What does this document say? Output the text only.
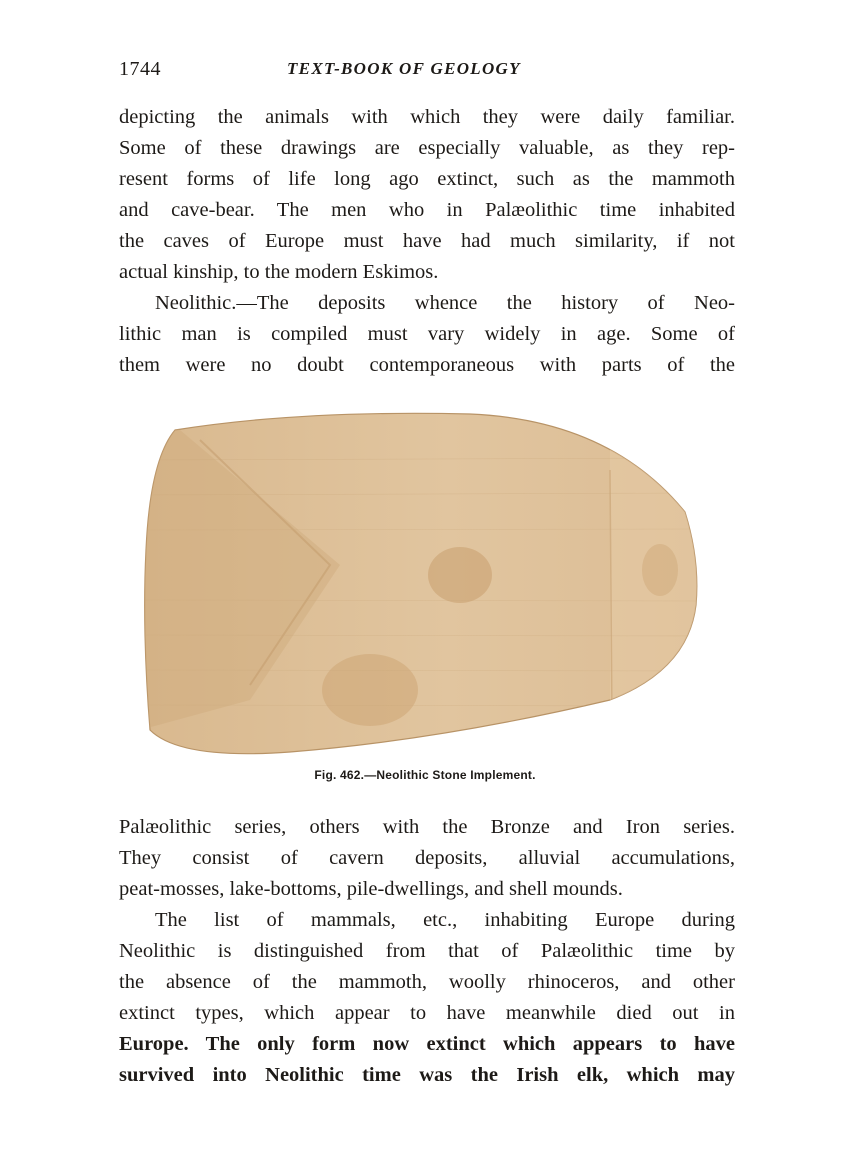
1744	TEXT-BOOK OF GEOLOGY
depicting the animals with which they were daily familiar.
Some of these drawings are especially valuable, as they rep-
resent forms of life long ago extinct, such as the mammoth
and cave-bear. The men who in Palæolithic time inhabited
the caves of Europe must have had much similarity, if not
actual kinship, to the modern Eskimos.
Neolithic.—The deposits whence the history of Neo-
lithic man is compiled must vary widely in age. Some of
them were no doubt contemporaneous with parts of the
Fig. 462.—Neolithic Stone Implement.
Palæolithic series, others with the Bronze and Iron series.
They consist of cavern deposits, alluvial accumulations,
peat-mosses, lake-bottoms, pile-dwellings, and shell mounds.
The list of mammals, etc., inhabiting Europe during
Neolithic is distinguished from that of Palæolithic time by
the absence of the mammoth, woolly rhinoceros, and other
extinct types, which appear to have meanwhile died out in
Europe. The only form now extinct which appears to have
survived into Neolithic time was the Irish elk, which may
